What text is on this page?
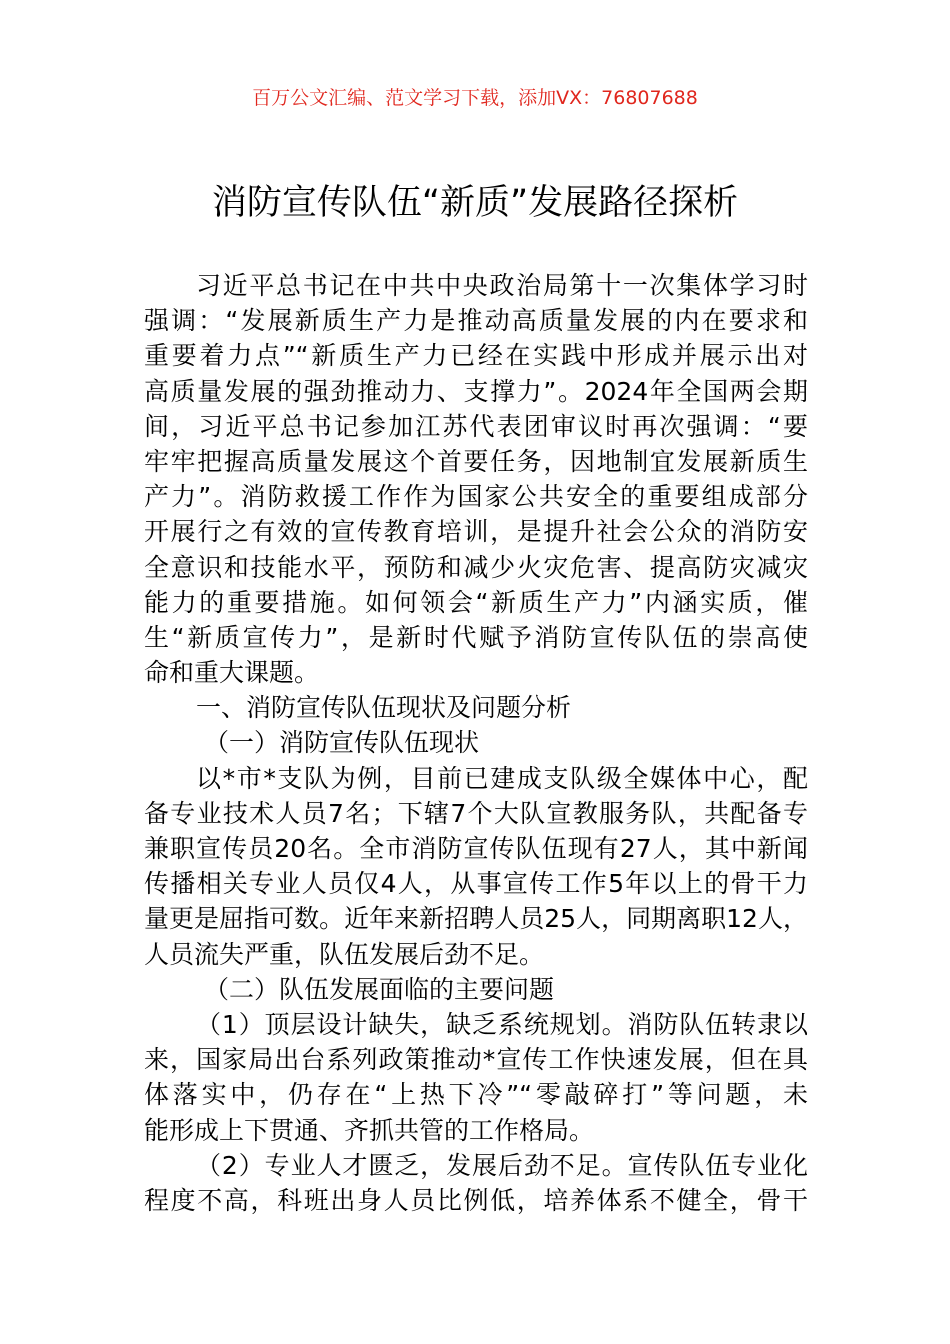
百万公文汇编、范文学习下载，添加VX：76807688
消防宣传队伍“新质”发展路径探析
习近平总书记在中共中央政治局第十一次集体学习时
强调：“发展新质生产力是推动高质量发展的内在要求和
重要着力点”“新质生产力已经在实践中形成并展示出对
高质量发展的强劲推动力、支撑力”。2024年全国两会期
间，习近平总书记参加江苏代表团审议时再次强调：“要
牢牢把握高质量发展这个首要任务，因地制宜发展新质生
产力”。消防救援工作作为国家公共安全的重要组成部分
开展行之有效的宣传教育培训，是提升社会公众的消防安
全意识和技能水平，预防和减少火灾危害、提高防灾减灾
能力的重要措施。如何领会“新质生产力”内涵实质，催
生“新质宣传力”，是新时代赋予消防宣传队伍的崇高使
命和重大课题。
一、消防宣传队伍现状及问题分析
（一）消防宣传队伍现状
以*市*支队为例，目前已建成支队级全媒体中心，配
备专业技术人员7名；下辖7个大队宣教服务队，共配备专
兼职宣传员20名。全市消防宣传队伍现有27人，其中新闻
传播相关专业人员仅4人，从事宣传工作5年以上的骨干力
量更是屈指可数。近年来新招聘人员25人，同期离职12人，
人员流失严重，队伍发展后劲不足。
（二）队伍发展面临的主要问题
（1）顶层设计缺失，缺乏系统规划。消防队伍转隶以
来，国家局出台系列政策推动*宣传工作快速发展，但在具
体落实中，仍存在“上热下冷”“零敲碎打”等问题，未
能形成上下贯通、齐抓共管的工作格局。
（2）专业人才匮乏，发展后劲不足。宣传队伍专业化
程度不高，科班出身人员比例低，培养体系不健全，骨干
